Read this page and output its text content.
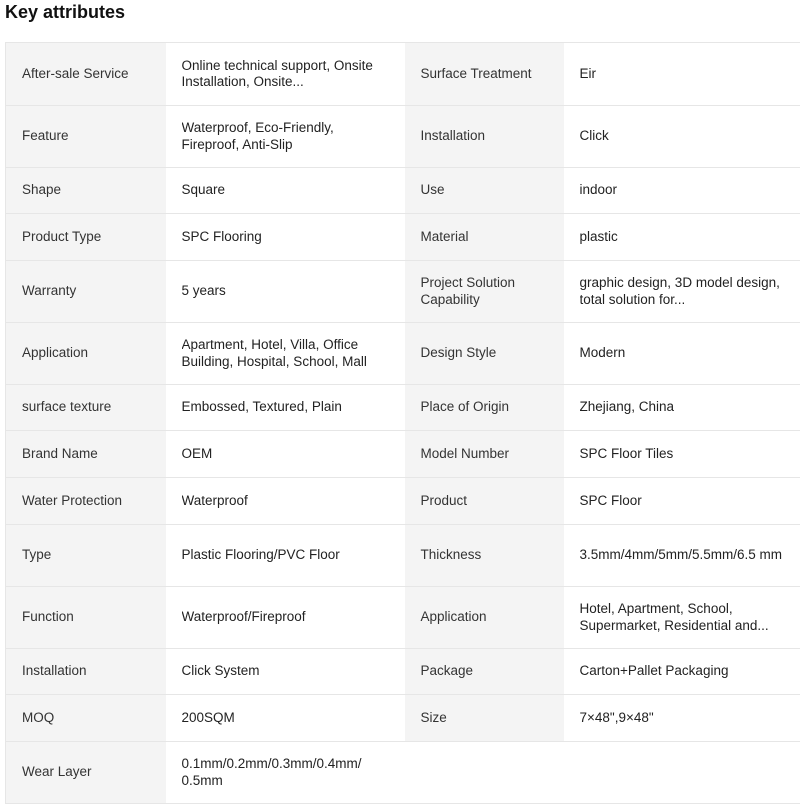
Key attributes
After-sale Service	Online technical support, Onsite Installation, Onsite...	Surface Treatment	Eir

Feature	Waterproof, Eco-Friendly, Fireproof, Anti-Slip	Installation	Click

Shape	Square	Use	indoor

Product Type	SPC Flooring	Material	plastic

Warranty	5 years	Project Solution Capability	graphic design, 3D model design, total solution for...

Application	Apartment, Hotel, Villa, Office Building, Hospital, School, Mall	Design Style	Modern

surface texture	Embossed, Textured, Plain	Place of Origin	Zhejiang, China

Brand Name	OEM	Model Number	SPC Floor Tiles

Water Protection	Waterproof	Product	SPC Floor

Type	Plastic Flooring/PVC Floor	Thickness	3.5mm/4mm/5mm/5.5mm/6.5 mm

Function	Waterproof/Fireproof	Application	Hotel, Apartment, School, Supermarket, Residential and...

Installation	Click System	Package	Carton+Pallet Packaging

MOQ	200SQM	Size	7×48",9×48"

Wear Layer	0.1mm/0.2mm/0.3mm/0.4mm/ 0.5mm		
